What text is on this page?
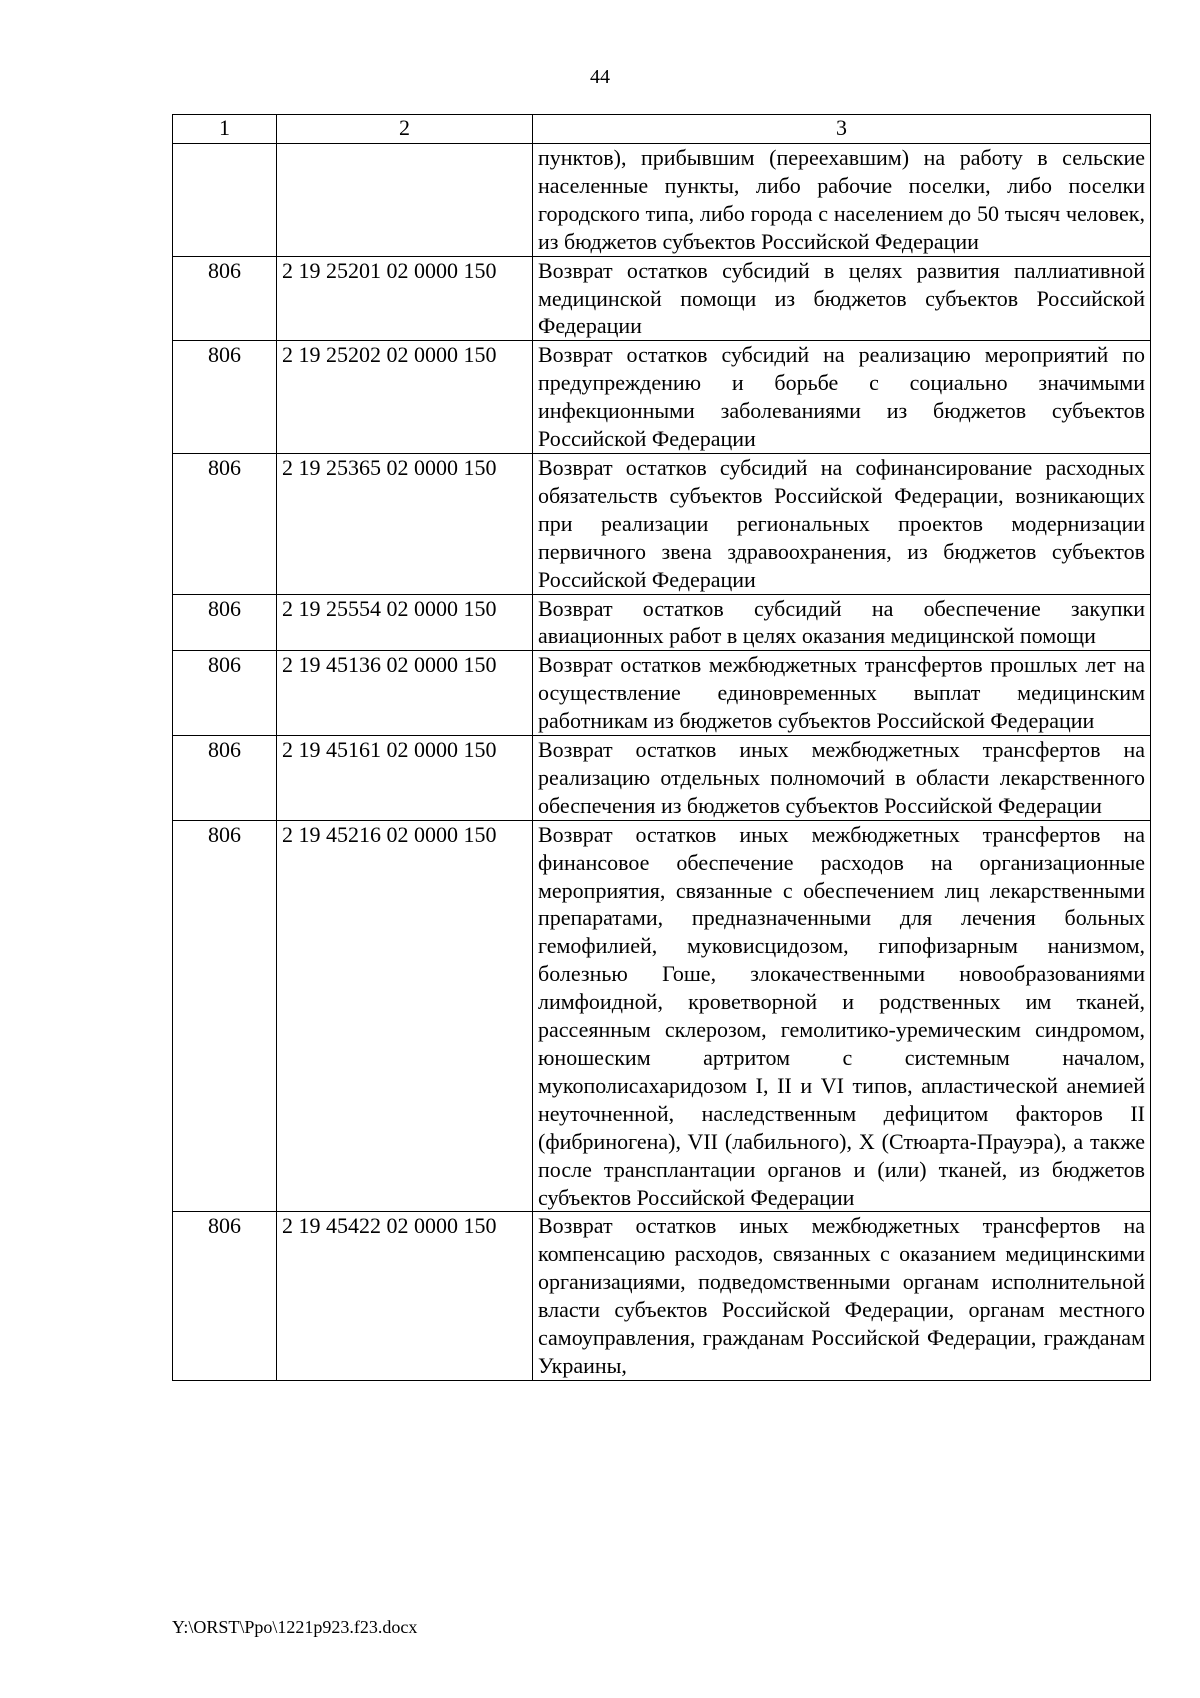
44
1	2	3
		пунктов), прибывшим (переехавшим) на работу в сельские населенные пункты, либо рабочие поселки, либо поселки городского типа, либо города с населением до 50 тысяч человек, из бюджетов субъектов Российской Федерации
806	2 19 25201 02 0000 150	Возврат остатков субсидий в целях развития паллиативной медицинской помощи из бюджетов субъектов Российской Федерации
806	2 19 25202 02 0000 150	Возврат остатков субсидий на реализацию мероприятий по предупреждению и борьбе с социально значимыми инфекционными заболеваниями из бюджетов субъектов Российской Федерации
806	2 19 25365 02 0000 150	Возврат остатков субсидий на софинансирование расходных обязательств субъектов Российской Федерации, возникающих при реализации региональных проектов модернизации первичного звена здравоохранения, из бюджетов субъектов Российской Федерации
806	2 19 25554 02 0000 150	Возврат остатков субсидий на обеспечение закупки авиационных работ в целях оказания медицинской помощи
806	2 19 45136 02 0000 150	Возврат остатков межбюджетных трансфертов прошлых лет на осуществление единовременных выплат медицинским работникам из бюджетов субъектов Российской Федерации
806	2 19 45161 02 0000 150	Возврат остатков иных межбюджетных трансфертов на реализацию отдельных полномочий в области лекарственного обеспечения из бюджетов субъектов Российской Федерации
806	2 19 45216 02 0000 150	Возврат остатков иных межбюджетных трансфертов на финансовое обеспечение расходов на организационные мероприятия, связанные с обеспечением лиц лекарственными препаратами, предназначенными для лечения больных гемофилией, муковисцидозом, гипофизарным нанизмом, болезнью Гоше, злокачественными новообразованиями лимфоидной, кроветворной и родственных им тканей, рассеянным склерозом, гемолитико-уремическим синдромом, юношеским артритом с системным началом, мукополисахаридозом I, II и VI типов, апластической анемией неуточненной, наследственным дефицитом факторов II (фибриногена), VII (лабильного), X (Стюарта-Прауэра), а также после трансплантации органов и (или) тканей, из бюджетов субъектов Российской Федерации
806	2 19 45422 02 0000 150	Возврат остатков иных межбюджетных трансфертов на компенсацию расходов, связанных с оказанием медицинскими организациями, подведомственными органам исполнительной власти субъектов Российской Федерации, органам местного самоуправления, гражданам Российской Федерации, гражданам Украины,
Y:\ORST\Ppo\1221p923.f23.docx
